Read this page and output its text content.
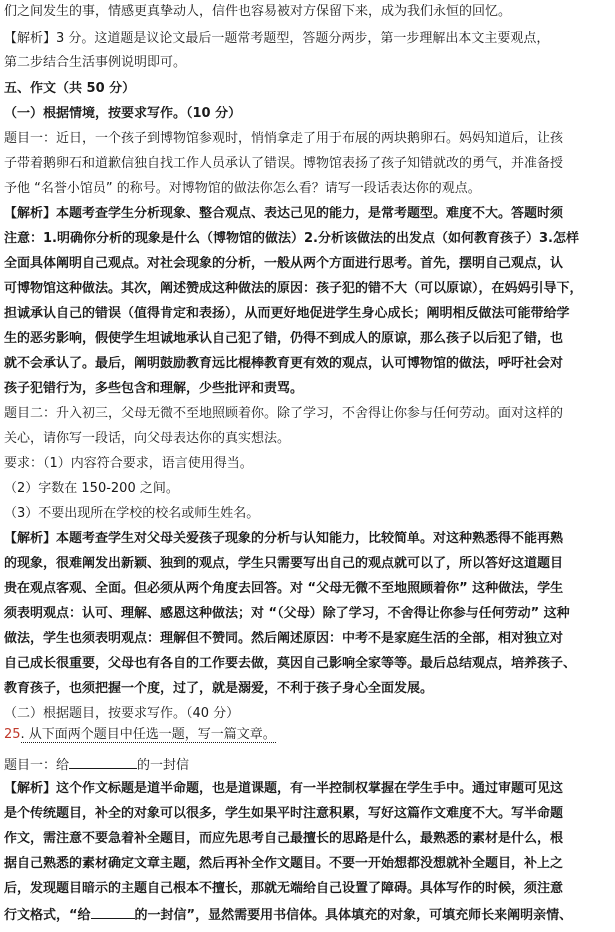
们之间发生的事，情感更真挚动人，信件也容易被对方保留下来，成为我们永恒的回忆。
【解析】3 分。这道题是议论文最后一题常考题型，答题分两步，第一步理解出本文主要观点，
第二步结合生活事例说明即可。
五、作文（共 50 分）
（一）根据情境，按要求写作。（10 分）
题目一：近日，一个孩子到博物馆参观时，悄悄拿走了用于布展的两块鹅卵石。妈妈知道后，让孩
子带着鹅卵石和道歉信独自找工作人员承认了错误。博物馆表扬了孩子知错就改的勇气，并准备授
予他 “名誉小馆员” 的称号。对博物馆的做法你怎么看？请写一段话表达你的观点。
【解析】本题考查学生分析现象、整合观点、表达己见的能力，是常考题型。难度不大。答题时须
注意：1.明确你分析的现象是什么（博物馆的做法）2.分析该做法的出发点（如何教育孩子）3.怎样
全面具体阐明自己观点。对社会现象的分析，一般从两个方面进行思考。首先，摆明自己观点，认
可博物馆这种做法。其次，阐述赞成这种做法的原因：孩子犯的错不大（可以原谅），在妈妈引导下，
担诚承认自己的错误（值得肯定和表扬），从而更好地促进学生身心成长；阐明相反做法可能带给学
生的恶劣影响，假使学生坦诚地承认自己犯了错，仍得不到成人的原谅，那么孩子以后犯了错，也
就不会承认了。最后，阐明鼓励教育远比棍棒教育更有效的观点，认可博物馆的做法，呼吁社会对
孩子犯错行为，多些包含和理解，少些批评和责骂。
题目二：升入初三，父母无微不至地照顾着你。除了学习，不舍得让你参与任何劳动。面对这样的
关心，请你写一段话，向父母表达你的真实想法。
要求：（1）内容符合要求，语言使用得当。
（2）字数在 150-200 之间。
（3）不要出现所在学校的校名或师生姓名。
【解析】本题考查学生对父母关爱孩子现象的分析与认知能力，比较简单。对这种熟悉得不能再熟
的现象，很难阐发出新颖、独到的观点，学生只需要写出自己的观点就可以了，所以答好这道题目
贵在观点客观、全面。但必须从两个角度去回答。对 “父母无微不至地照顾着你” 这种做法，学生
须表明观点：认可、理解、感恩这种做法；对 “（父母）除了学习，不舍得让你参与任何劳动” 这种
做法，学生也须表明观点：理解但不赞同。然后阐述原因：中考不是家庭生活的全部，相对独立对
自己成长很重要，父母也有各自的工作要去做，莫因自己影响全家等等。最后总结观点，培养孩子、
教育孩子，也须把握一个度，过了，就是溺爱，不利于孩子身心全面发展。
（二）根据题目，按要求写作。（40 分）
25. 从下面两个题目中任选一题，写一篇文章。
题目一：给	的一封信
【解析】这个作文标题是道半命题，也是道课题，有一半控制权掌握在学生手中。通过审题可见这
是个传统题目，补全的对象可以很多，学生如果平时注意积累，写好这篇作文难度不大。写半命题
作文，需注意不要急着补全题目，而应先思考自己最擅长的思路是什么，最熟悉的素材是什么，根
据自己熟悉的素材确定文章主题，然后再补全作文题目。不要一开始想都没想就补全题目，补上之
后，发现题目暗示的主题自己根本不擅长，那就无端给自己设置了障碍。具体写作的时候，须注意
行文格式，“给	的一封信”，显然需要用书信体。具体填充的对象，可填充师长来阐明亲情、
